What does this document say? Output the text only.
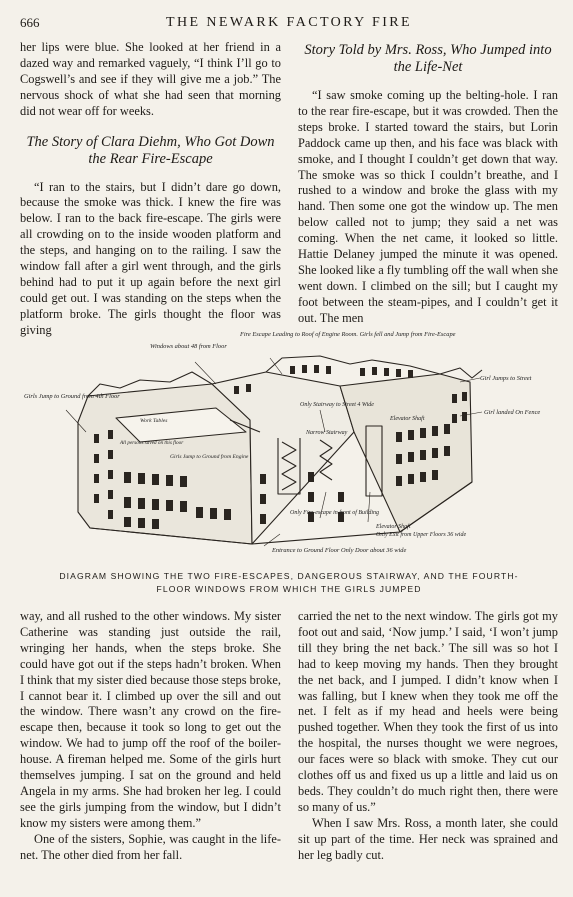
666	THE NEWARK FACTORY FIRE

her lips were blue. She looked at her friend in a dazed way and remarked vaguely, “I think I’ll go to Cogswell’s and see if they will give me a job.” The nervous shock of what she had seen that morning did not wear off for weeks.

The Story of Clara Diehm, Who Got Down the Rear Fire-Escape

“I ran to the stairs, but I didn’t dare go down, because the smoke was thick. I knew the fire was below. I ran to the back fire-escape. The girls were all crowding on to the inside wooden platform and the steps, and hanging on to the railing. I saw the window fall after a girl went through, and the girls behind had to put it up again before the next girl could get out. I was standing on the steps when the platform broke. The girls thought the floor was giving

Story Told by Mrs. Ross, Who Jumped into the Life-Net

“I saw smoke coming up the belting-hole. I ran to the rear fire-escape, but it was crowded. Then the steps broke. I started toward the stairs, but Lorin Paddock came up then, and his face was black with smoke, and I thought I couldn’t get down that way. The smoke was so thick I couldn’t breathe, and I rushed to a window and broke the glass with my hand. Then some one got the window up. The men below called not to jump; they said a net was coming. When the net came, it looked so little. Hattie Delaney jumped the minute it was opened. She looked like a fly tumbling off the wall when she went down. I climbed on the sill; but I caught my foot between the steam-pipes, and I couldn’t get it out. The men

Fire Escape Leading to Roof of Engine Room. Girls fell and Jump from Fire-Escape
Windows about 48 from Floor
Girls Jump to Ground from 4th Floor
Girl Jumps to Street
Girl landed On Fence
Elevator Shaft
Narrow Stairway
Only Stairway to Street 4 Wide
Work Tables
All persons saved on this floor
Girls Jump to Ground from Engine
Only Fire-escape in front of Building
Elevator Shaft
Only Exit from Upper Floors 36 wide
Entrance to Ground Floor Only Door about 36 wide
DIAGRAM SHOWING THE TWO FIRE-ESCAPES, DANGEROUS STAIRWAY, AND THE FOURTH-
FLOOR WINDOWS FROM WHICH THE GIRLS JUMPED

way, and all rushed to the other windows. My sister Catherine was standing just outside the rail, wringing her hands, when the steps broke. She could have got out if the steps hadn’t broken. When I think that my sister died because those steps broke, I cannot bear it. I climbed up over the sill and out the window. There wasn’t any crowd on the fire-escape then, because it took so long to get out the window. We had to jump off the roof of the boiler-house. A fireman helped me. Some of the girls hurt themselves jumping. I sat on the ground and held Angela in my arms. She had broken her leg. I could see the girls jumping from the window, but I didn’t know my sisters were among them.”

One of the sisters, Sophie, was caught in the life-net. The other died from her fall.

carried the net to the next window. The girls got my foot out and said, ‘Now jump.’ I said, ‘I won’t jump till they bring the net back.’ The sill was so hot I had to keep moving my hands. Then they brought the net back, and I jumped. I didn’t know when I was falling, but I knew when they took me off the net. I felt as if my head and heels were being pushed together. When they took the first of us into the hospital, the nurses thought we were negroes, our faces were so black with smoke. They cut our clothes off us and fixed us up a little and laid us on beds. They couldn’t do much right then, there were so many of us.”

When I saw Mrs. Ross, a month later, she could sit up part of the time. Her neck was sprained and her leg badly cut.
